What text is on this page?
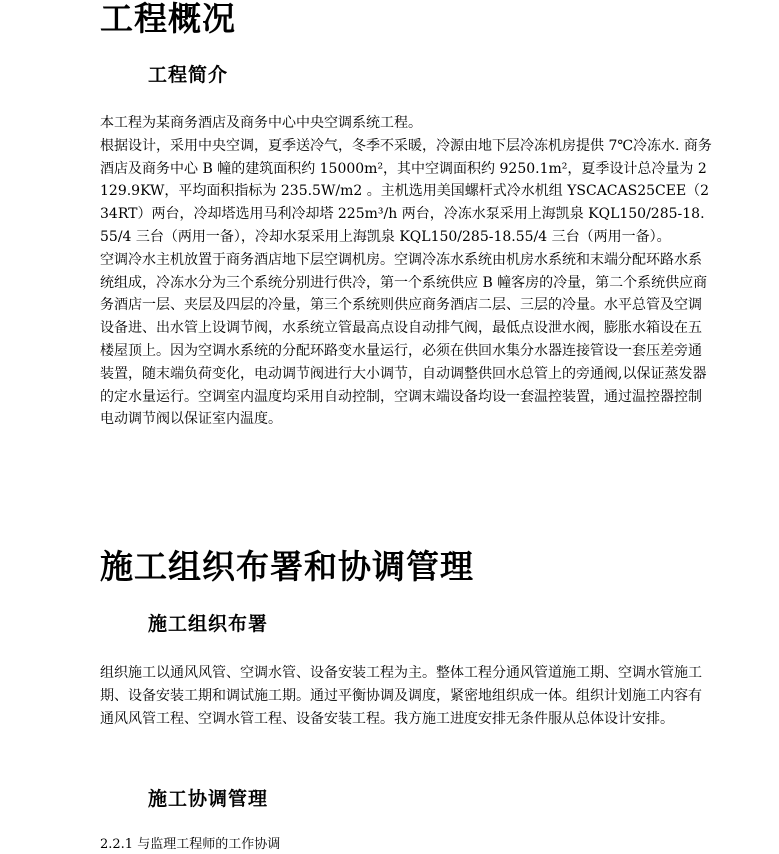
工程概况
工程简介

本工程为某商务酒店及商务中心中央空调系统工程。

根据设计，采用中央空调，夏季送冷气，冬季不采暖，冷源由地下层冷冻机房提供 7℃冷冻水. 商务酒店及商务中心 B 幢的建筑面积约 15000m²，其中空调面积约 9250.1m²，夏季设计总冷量为 2129.9KW，平均面积指标为 235.5W/m2 。主机选用美国螺杆式冷水机组 YSCACAS25CEE（234RT）两台，冷却塔选用马利冷却塔 225m³/h 两台，冷冻水泵采用上海凯泉 KQL150/285-18.55/4 三台（两用一备），冷却水泵采用上海凯泉 KQL150/285-18.55/4 三台（两用一备）。

空调冷水主机放置于商务酒店地下层空调机房。空调冷冻水系统由机房水系统和末端分配环路水系统组成，冷冻水分为三个系统分别进行供冷，第一个系统供应 B 幢客房的冷量，第二个系统供应商务酒店一层、夹层及四层的冷量，第三个系统则供应商务酒店二层、三层的冷量。水平总管及空调设备进、出水管上设调节阀，水系统立管最高点设自动排气阀，最低点设泄水阀，膨胀水箱设在五楼屋顶上。因为空调水系统的分配环路变水量运行，必须在供回水集分水器连接管设一套压差旁通装置，随末端负荷变化，电动调节阀进行大小调节，自动调整供回水总管上的旁通阀,以保证蒸发器的定水量运行。空调室内温度均采用自动控制，空调末端设备均设一套温控装置，通过温控器控制电动调节阀以保证室内温度。

施工组织布署和协调管理
施工组织布署

组织施工以通风风管、空调水管、设备安装工程为主。整体工程分通风管道施工期、空调水管施工期、设备安装工期和调试施工期。通过平衡协调及调度，紧密地组织成一体。组织计划施工内容有通风风管工程、空调水管工程、设备安装工程。我方施工进度安排无条件服从总体设计安排。

施工协调管理
2.2.1 与监理工程师的工作协调
